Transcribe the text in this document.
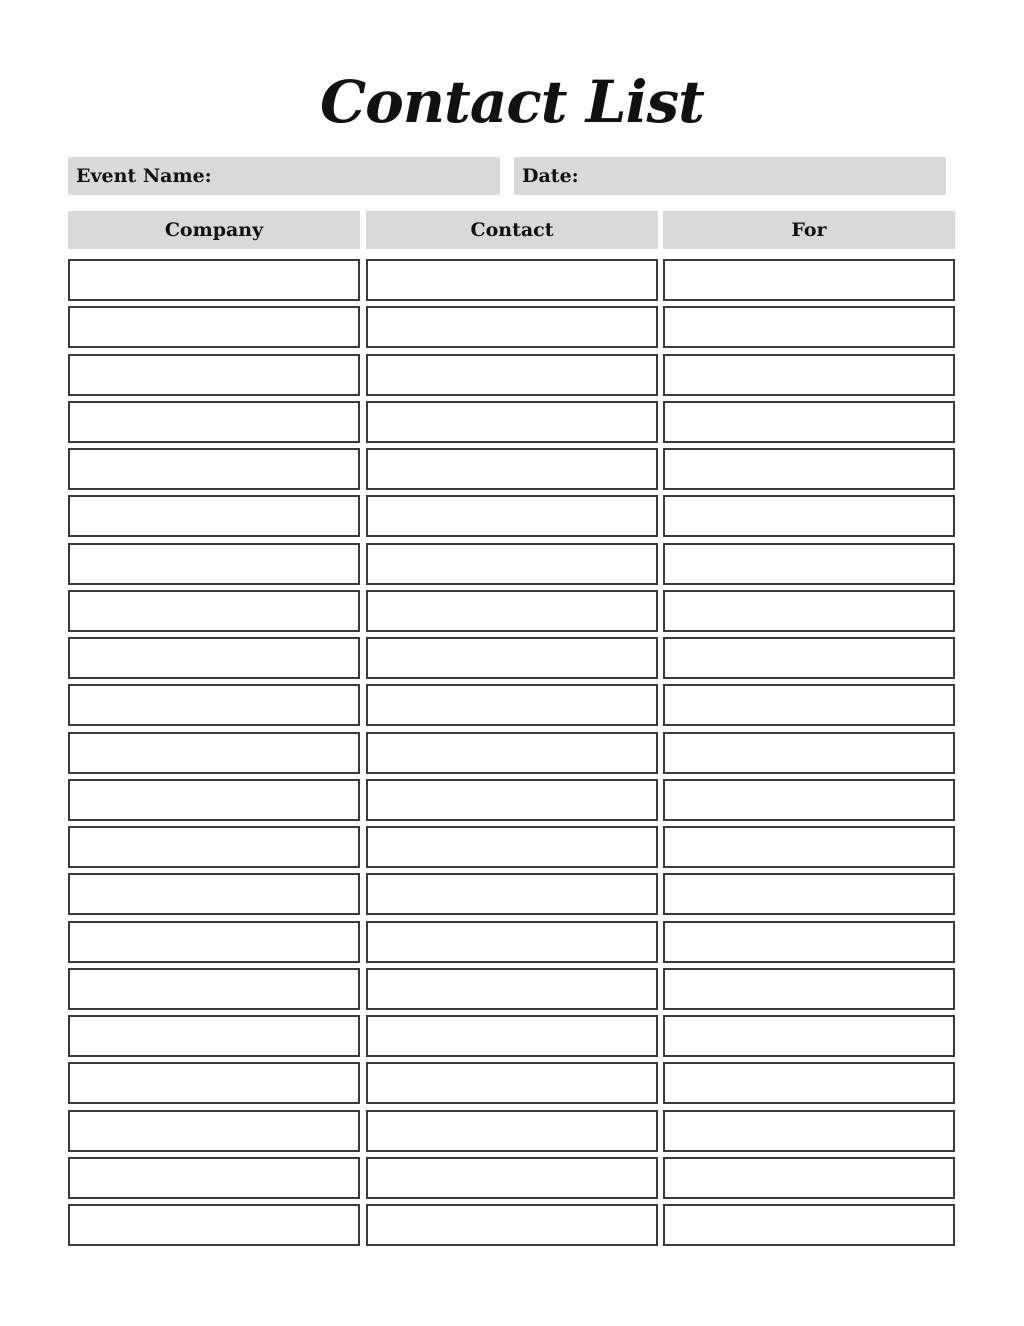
Contact List
Event Name:	Date:
Company	Contact	For
